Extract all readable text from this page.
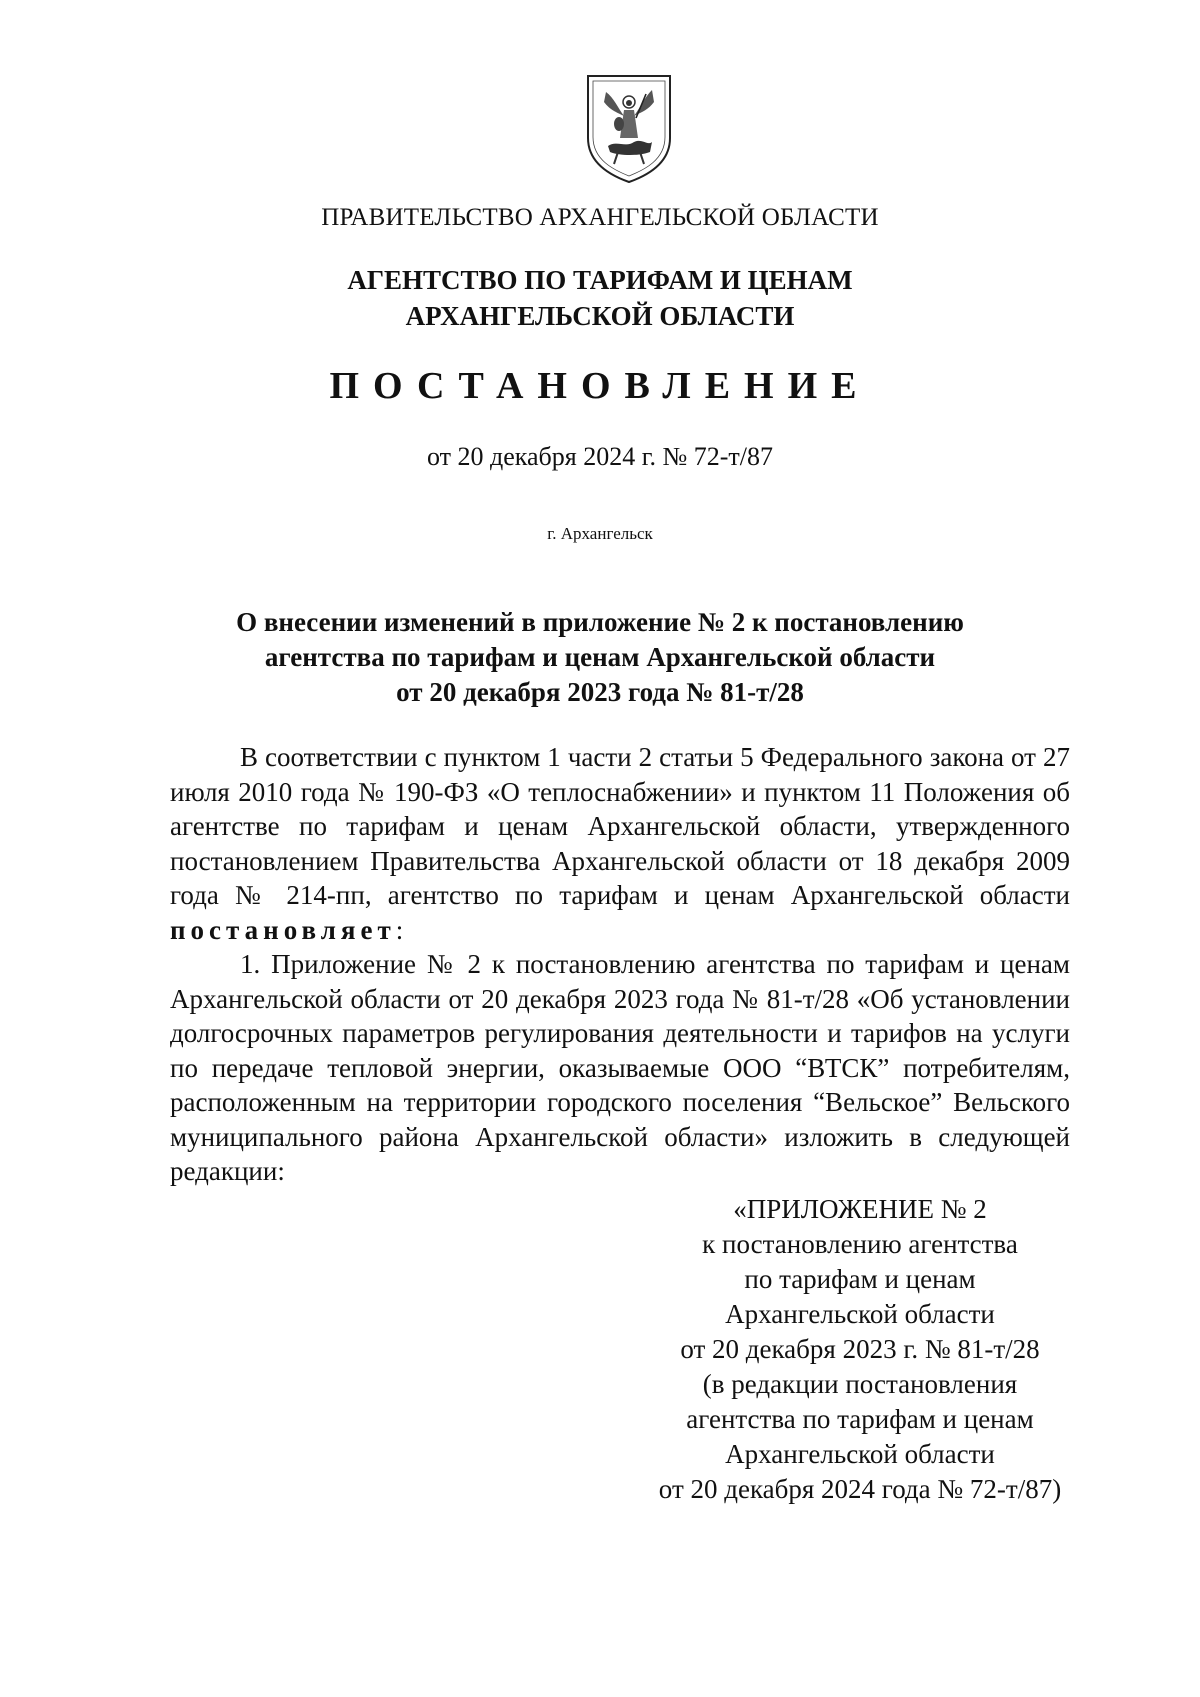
ПРАВИТЕЛЬСТВО АРХАНГЕЛЬСКОЙ ОБЛАСТИ
АГЕНТСТВО ПО ТАРИФАМ И ЦЕНАМ
АРХАНГЕЛЬСКОЙ ОБЛАСТИ
ПОСТАНОВЛЕНИЕ
от 20 декабря 2024 г. № 72-т/87
г. Архангельск
О внесении изменений в приложение № 2 к постановлению
агентства по тарифам и ценам Архангельской области
от 20 декабря 2023 года № 81-т/28

В соответствии с пунктом 1 части 2 статьи 5 Федерального закона от 27 июля 2010 года № 190-ФЗ «О теплоснабжении» и пунктом 11 Положения об агентстве по тарифам и ценам Архангельской области, утвержденного постановлением Правительства Архангельской области от 18 декабря 2009 года № 214-пп, агентство по тарифам и ценам Архангельской области постановляет:

1. Приложение № 2 к постановлению агентства по тарифам и ценам Архангельской области от 20 декабря 2023 года № 81-т/28 «Об установлении долгосрочных параметров регулирования деятельности и тарифов на услуги по передаче тепловой энергии, оказываемые ООО “ВТСК” потребителям, расположенным на территории городского поселения “Вельское” Вельского муниципального района Архангельской области» изложить в следующей редакции:

«ПРИЛОЖЕНИЕ № 2
к постановлению агентства
по тарифам и ценам
Архангельской области
от 20 декабря 2023 г. № 81-т/28
(в редакции постановления
агентства по тарифам и ценам
Архангельской области
от 20 декабря 2024 года № 72-т/87)
